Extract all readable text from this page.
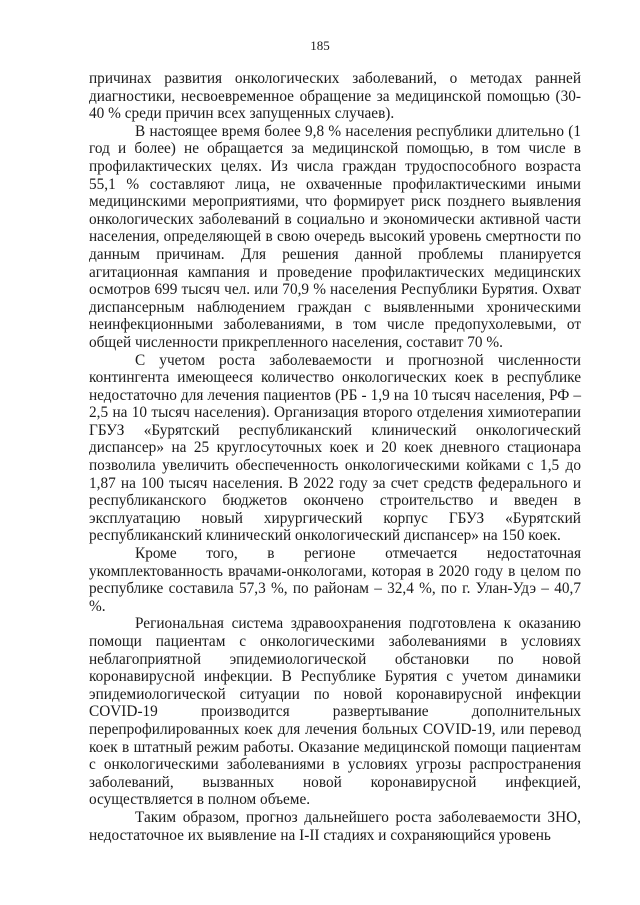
185

причинах развития онкологических заболеваний, о методах ранней диагностики, несвоевременное обращение за медицинской помощью (30-40 % среди причин всех запущенных случаев).

В настоящее время более 9,8 % населения республики длительно (1 год и более) не обращается за медицинской помощью, в том числе в профилактических целях. Из числа граждан трудоспособного возраста 55,1 % составляют лица, не охваченные профилактическими иными медицинскими мероприятиями, что формирует риск позднего выявления онкологических заболеваний в социально и экономически активной части населения, определяющей в свою очередь высокий уровень смертности по данным причинам. Для решения данной проблемы планируется агитационная кампания и проведение профилактических медицинских осмотров 699 тысяч чел. или 70,9 % населения Республики Бурятия. Охват диспансерным наблюдением граждан с выявленными хроническими неинфекционными заболеваниями, в том числе предопухолевыми, от общей численности прикрепленного населения, составит 70 %.

С учетом роста заболеваемости и прогнозной численности контингента имеющееся количество онкологических коек в республике недостаточно для лечения пациентов (РБ - 1,9 на 10 тысяч населения, РФ – 2,5 на 10 тысяч населения). Организация второго отделения химиотерапии ГБУЗ «Бурятский республиканский клинический онкологический диспансер» на 25 круглосуточных коек и 20 коек дневного стационара позволила увеличить обеспеченность онкологическими койками с 1,5 до 1,87 на 100 тысяч населения. В 2022 году за счет средств федерального и республиканского бюджетов окончено строительство и введен в эксплуатацию новый хирургический корпус ГБУЗ «Бурятский республиканский клинический онкологический диспансер» на 150 коек.

Кроме того, в регионе отмечается недостаточная укомплектованность врачами-онкологами, которая в 2020 году в целом по республике составила 57,3 %, по районам – 32,4 %, по г. Улан-Удэ – 40,7 %.

Региональная система здравоохранения подготовлена к оказанию помощи пациентам с онкологическими заболеваниями в условиях неблагоприятной эпидемиологической обстановки по новой коронавирусной инфекции. В Республике Бурятия с учетом динамики эпидемиологической ситуации по новой коронавирусной инфекции COVID-19 производится развертывание дополнительных перепрофилированных коек для лечения больных COVID-19, или перевод коек в штатный режим работы. Оказание медицинской помощи пациентам с онкологическими заболеваниями в условиях угрозы распространения заболеваний, вызванных новой коронавирусной инфекцией, осуществляется в полном объеме.

Таким образом, прогноз дальнейшего роста заболеваемости ЗНО, недостаточное их выявление на I-II стадиях и сохраняющийся уровень
